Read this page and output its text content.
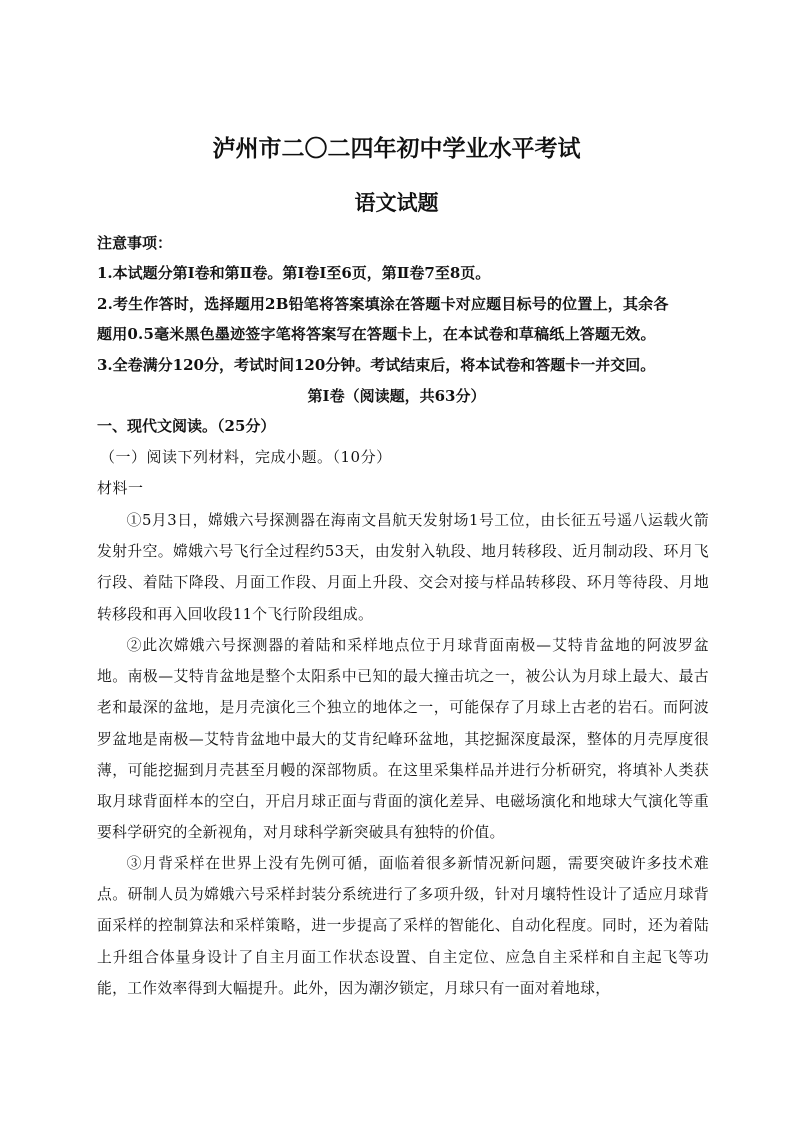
泸州市二〇二四年初中学业水平考试
语文试题
注意事项：
1.本试题分第Ⅰ卷和第Ⅱ卷。第Ⅰ卷Ⅰ至6页，第Ⅱ卷7至8页。
2.考生作答时，选择题用2B铅笔将答案填涂在答题卡对应题目标号的位置上，其余各
题用0.5毫米黑色墨迹签字笔将答案写在答题卡上，在本试卷和草稿纸上答题无效。
3.全卷满分120分，考试时间120分钟。考试结束后，将本试卷和答题卡一并交回。
第Ⅰ卷（阅读题，共63分）
一、现代文阅读。（25分）
（一）阅读下列材料，完成小题。（10分）
材料一
①5月3日，嫦娥六号探测器在海南文昌航天发射场1号工位，由长征五号遥八运载火箭发射升空。嫦娥六号飞行全过程约53天，由发射入轨段、地月转移段、近月制动段、环月飞行段、着陆下降段、月面工作段、月面上升段、交会对接与样品转移段、环月等待段、月地转移段和再入回收段11个飞行阶段组成。
②此次嫦娥六号探测器的着陆和采样地点位于月球背面南极—艾特肯盆地的阿波罗盆地。南极—艾特肯盆地是整个太阳系中已知的最大撞击坑之一，被公认为月球上最大、最古老和最深的盆地，是月壳演化三个独立的地体之一，可能保存了月球上古老的岩石。而阿波罗盆地是南极—艾特肯盆地中最大的艾肯纪峰环盆地，其挖掘深度最深，整体的月壳厚度很薄，可能挖掘到月壳甚至月幔的深部物质。在这里采集样品并进行分析研究，将填补人类获取月球背面样本的空白，开启月球正面与背面的演化差异、电磁场演化和地球大气演化等重要科学研究的全新视角，对月球科学新突破具有独特的价值。
③月背采样在世界上没有先例可循，面临着很多新情况新问题，需要突破许多技术难点。研制人员为嫦娥六号采样封装分系统进行了多项升级，针对月壤特性设计了适应月球背面采样的控制算法和采样策略，进一步提高了采样的智能化、自动化程度。同时，还为着陆上升组合体量身设计了自主月面工作状态设置、自主定位、应急自主采样和自主起飞等功能，工作效率得到大幅提升。此外，因为潮汐锁定，月球只有一面对着地球，
